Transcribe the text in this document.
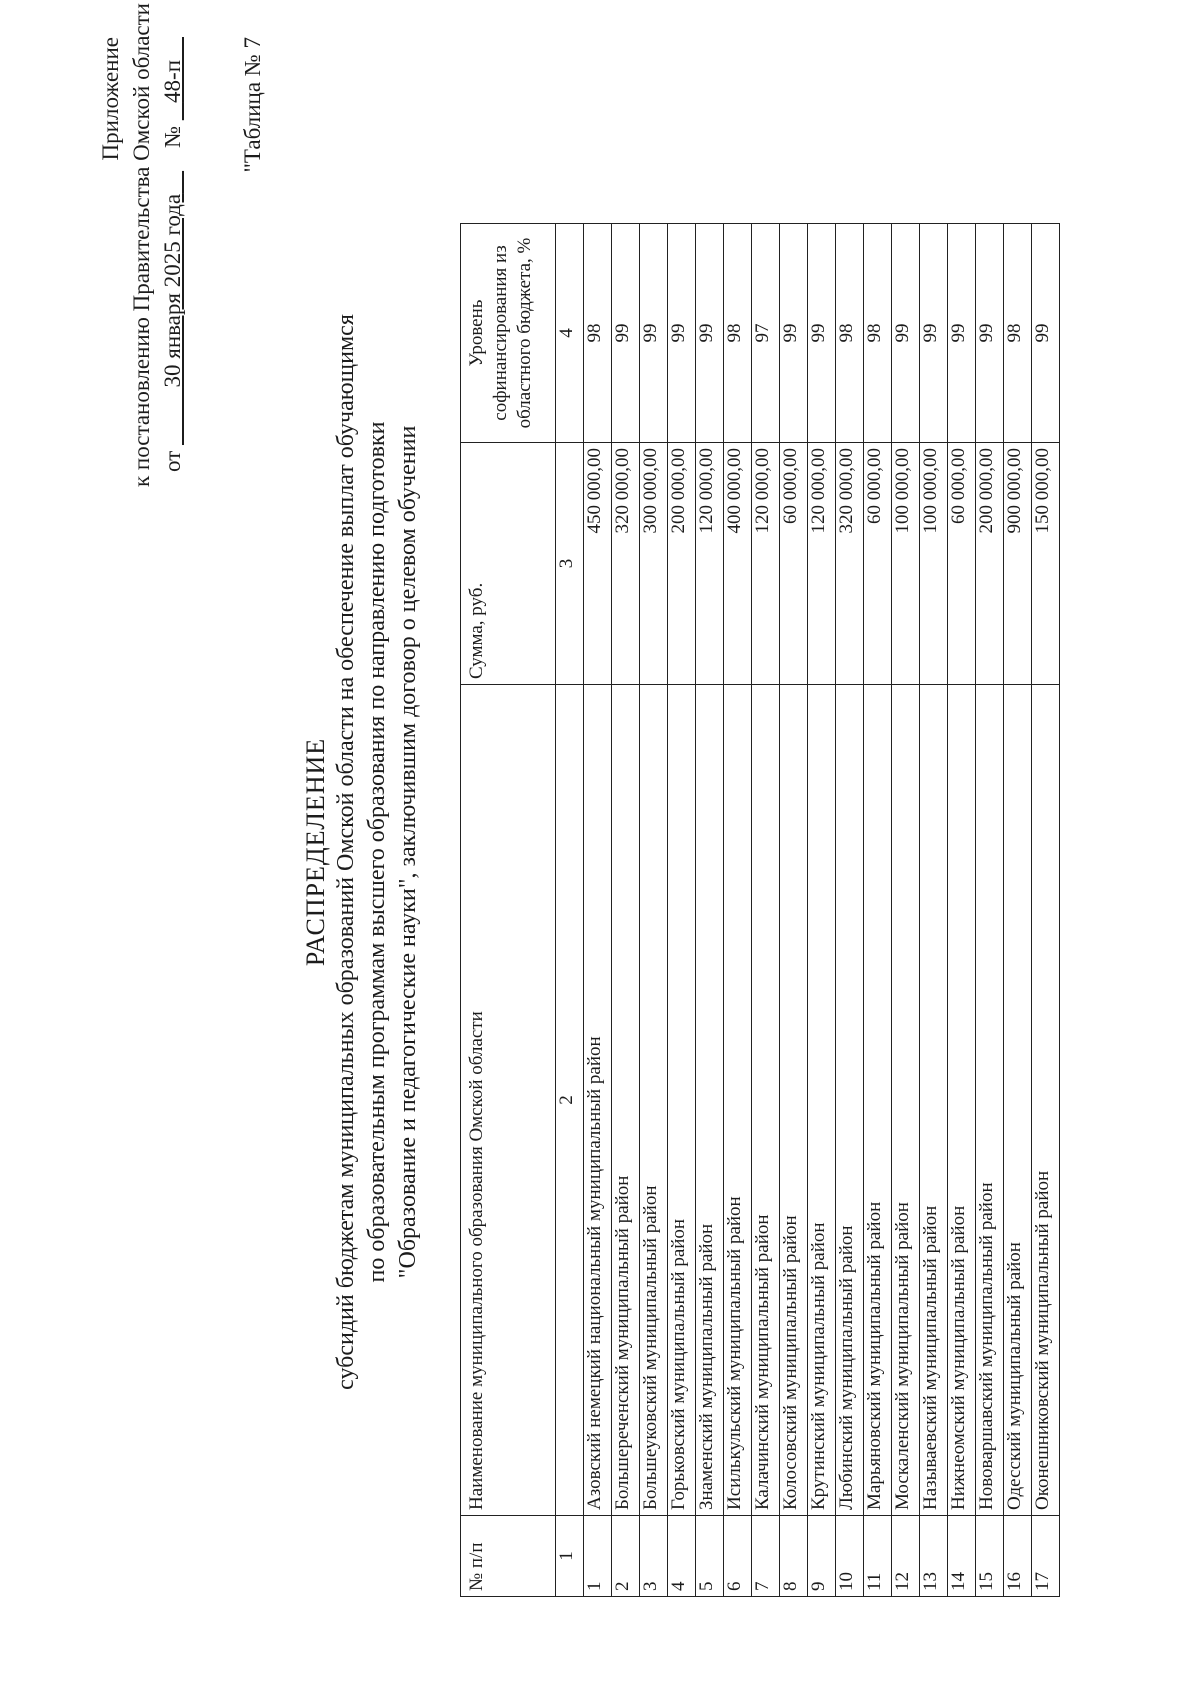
Приложение к постановлению Правительства Омской области от           30 января 2025 года        №    48-п "Таблица № 7
РАСПРЕДЕЛЕНИЕ субсидий бюджетам муниципальных образований Омской области на обеспечение выплат обучающимся по образовательным программам высшего образования по направлению подготовки "Образование и педагогические науки", заключившим договор о целевом обучении
№ п/п	Наименование муниципального образования Омской области	Сумма, руб.	Уровень софинансирования из областного бюджета, %
1	2	3	4
1	Азовский немецкий национальный муниципальный район	450 000,00	98
2	Большереченский муниципальный район	320 000,00	99
3	Большеуковский муниципальный район	300 000,00	99
4	Горьковский муниципальный район	200 000,00	99
5	Знаменский муниципальный район	120 000,00	99
6	Исилькульский муниципальный район	400 000,00	98
7	Калачинский муниципальный район	120 000,00	97
8	Колосовский муниципальный район	60 000,00	99
9	Крутинский муниципальный район	120 000,00	99
10	Любинский муниципальный район	320 000,00	98
11	Марьяновский муниципальный район	60 000,00	98
12	Москаленский муниципальный район	100 000,00	99
13	Называевский муниципальный район	100 000,00	99
14	Нижнеомский муниципальный район	60 000,00	99
15	Нововаршавский муниципальный район	200 000,00	99
16	Одесский муниципальный район	900 000,00	98
17	Оконешниковский муниципальный район	150 000,00	99
